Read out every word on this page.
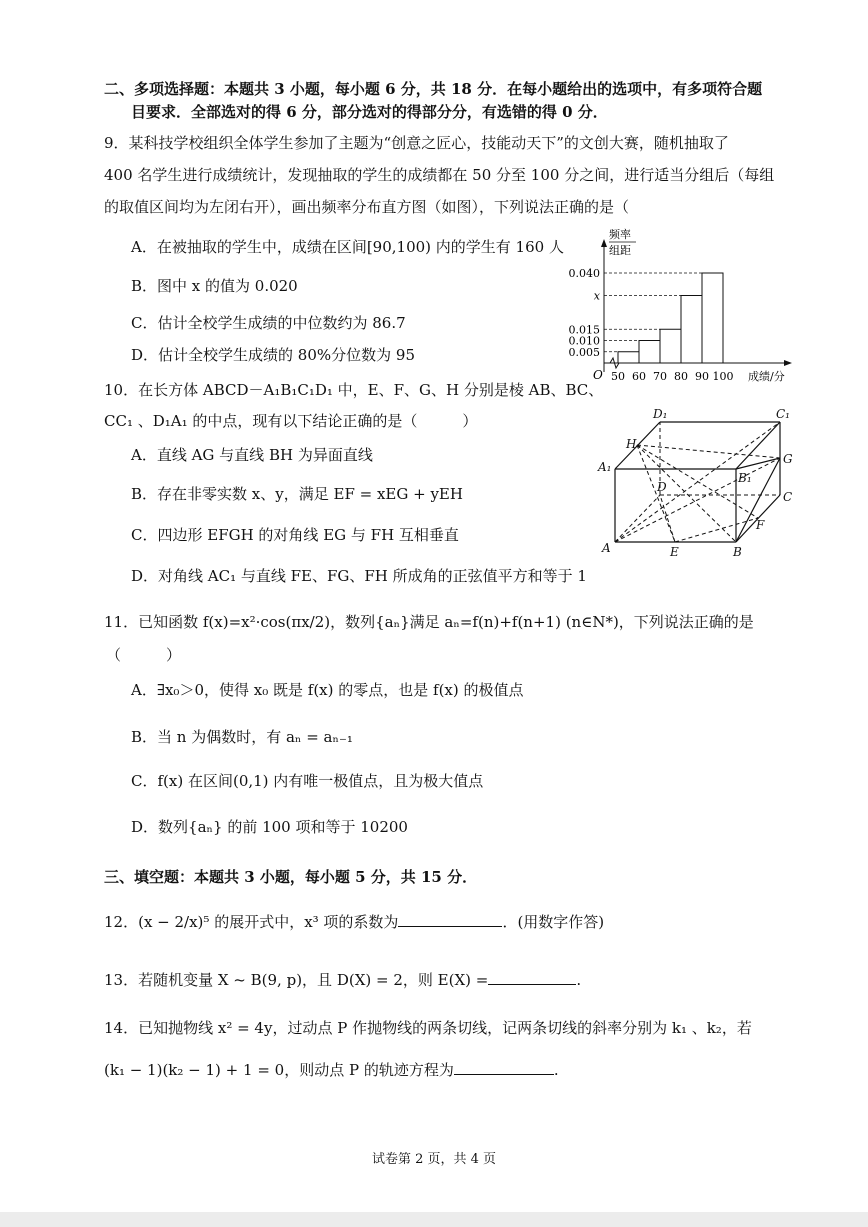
二、多项选择题：本题共 3 小题，每小题 6 分，共 18 分．在每小题给出的选项中，有多项符合题
目要求．全部选对的得 6 分，部分选对的得部分分，有选错的得 0 分．
9．某科技学校组织全体学生参加了主题为“创意之匠心，技能动天下”的文创大赛，随机抽取了
400 名学生进行成绩统计，发现抽取的学生的成绩都在 50 分至 100 分之间，进行适当分组后（每组
的取值区间均为左闭右开），画出频率分布直方图（如图），下列说法正确的是（
A．在被抽取的学生中，成绩在区间[90,100) 内的学生有 160 人
B．图中 x 的值为 0.020
C．估计全校学生成绩的中位数约为 86.7
D．估计全校学生成绩的 80%分位数为 95
频率
组距
O	成绩/分
0.040
x
0.015
0.010
0.005
50 60 70 80 90 100
10．在长方体 ABCD－A₁B₁C₁D₁ 中，E、F、G、H 分别是棱 AB、BC、
CC₁ 、D₁A₁ 的中点，现有以下结论正确的是（　　　）
A．直线 AG 与直线 BH 为异面直线
B．存在非零实数 x、y，满足 EF = xEG + yEH
C．四边形 EFGH 的对角线 EG 与 FH 互相垂直
D．对角线 AC₁ 与直线 FE、FG、FH 所成角的正弦值平方和等于 1
D₁	C₁
H
G
A₁
B₁
D
C
F
A	E	B
11．已知函数 f(x)=x²·cos(πx/2)，数列{aₙ}满足 aₙ=f(n)+f(n+1) (n∈N*)，下列说法正确的是
（　　　）
A．∃x₀＞0，使得 x₀ 既是 f(x) 的零点，也是 f(x) 的极值点
B．当 n 为偶数时，有 aₙ = aₙ₋₁
C．f(x) 在区间(0,1) 内有唯一极值点，且为极大值点
D．数列{aₙ} 的前 100 项和等于 10200
三、填空题：本题共 3 小题，每小题 5 分，共 15 分．
12．(x − 2/x)⁵ 的展开式中，x³ 项的系数为	．(用数字作答)
13．若随机变量 X ~ B(9, p)，且 D(X) = 2，则 E(X) =	.
14．已知抛物线 x² = 4y，过动点 P 作抛物线的两条切线，记两条切线的斜率分别为 k₁ 、k₂，若
(k₁ − 1)(k₂ − 1) + 1 = 0，则动点 P 的轨迹方程为	.
试卷第 2 页，共 4 页
